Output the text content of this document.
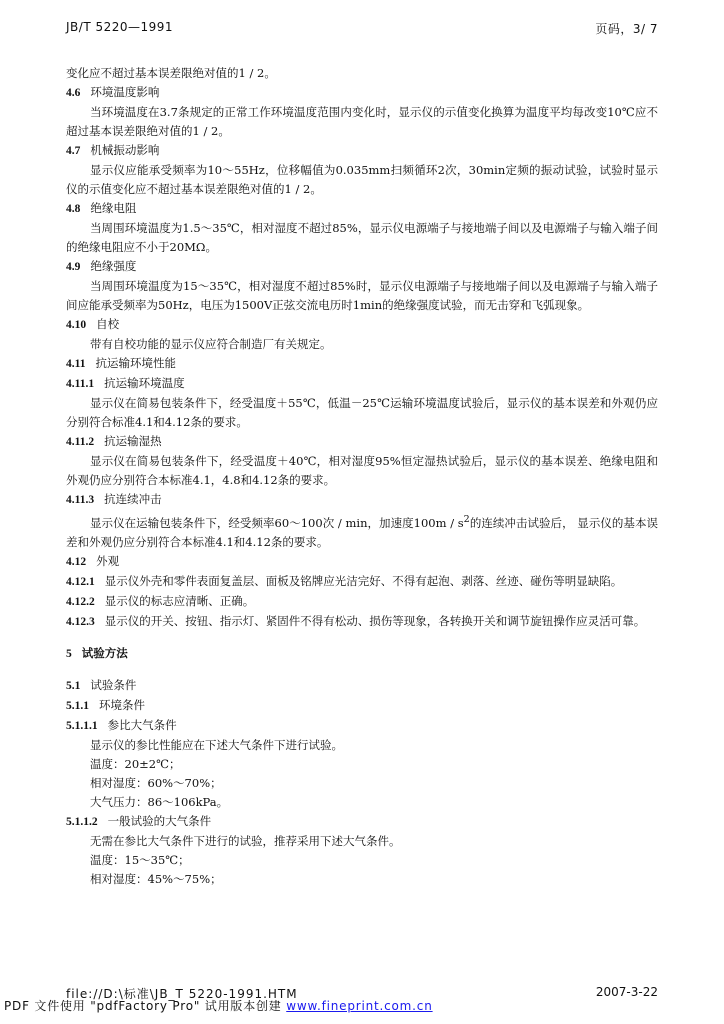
JB/T 5220—1991	页码，3/ 7
变化应不超过基本误差限绝对值的1 / 2。
4.6 环境温度影响

当环境温度在3.7条规定的正常工作环境温度范围内变化时，显示仪的示值变化换算为温度平均每改变10℃应不超过基本误差限绝对值的1 / 2。

4.7 机械振动影响

显示仪应能承受频率为10～55Hz，位移幅值为0.035mm扫频循环2次，30min定频的振动试验，试验时显示仪的示值变化应不超过基本误差限绝对值的1 / 2。

4.8 绝缘电阻

当周围环境温度为1.5～35℃，相对湿度不超过85%，显示仪电源端子与接地端子间以及电源端子与输入端子间的绝缘电阻应不小于20MΩ。

4.9 绝缘强度

当周围环境温度为15～35℃，相对湿度不超过85%时，显示仪电源端子与接地端子间以及电源端子与输入端子间应能承受频率为50Hz，电压为1500V正弦交流电历时1min的绝缘强度试验，而无击穿和飞弧现象。

4.10 自校

带有自校功能的显示仪应符合制造厂有关规定。

4.11 抗运输环境性能
4.11.1 抗运输环境温度

显示仪在简易包装条件下，经受温度＋55℃，低温－25℃运输环境温度试验后，显示仪的基本误差和外观仍应分别符合标准4.1和4.12条的要求。

4.11.2 抗运输湿热

显示仪在简易包装条件下，经受温度＋40℃，相对湿度95%恒定湿热试验后，显示仪的基本误差、绝缘电阻和外观仍应分别符合本标准4.1，4.8和4.12条的要求。

4.11.3 抗连续冲击

显示仪在运输包装条件下，经受频率60～100次 / min，加速度$100m / s^2$的连续冲击试验后， 显示仪的基本误差和外观仍应分别符合本标准4.1和4.12条的要求。

4.12 外观

4.12.1 显示仪外壳和零件表面复盖层、面板及铭牌应光洁完好、不得有起泡、剥落、丝迹、碰伤等明显缺陷。

4.12.2 显示仪的标志应清晰、正确。

4.12.3 显示仪的开关、按钮、指示灯、紧固件不得有松动、损伤等现象，各转换开关和调节旋钮操作应灵活可靠。

5 试验方法
5.1 试验条件
5.1.1 环境条件
5.1.1.1 参比大气条件
显示仪的参比性能应在下述大气条件下进行试验。
温度：20±2℃；
相对湿度：60%～70%；
大气压力：86～106kPa。
5.1.1.2 一般试验的大气条件
无需在参比大气条件下进行的试验，推荐采用下述大气条件。
温度：15～35℃；
相对湿度：45%～75%；
file://D:\标准\JB_T 5220-1991.HTM	2007-3-22
PDF 文件使用 "pdfFactory Pro" 试用版本创建 www.fineprint.com.cn
